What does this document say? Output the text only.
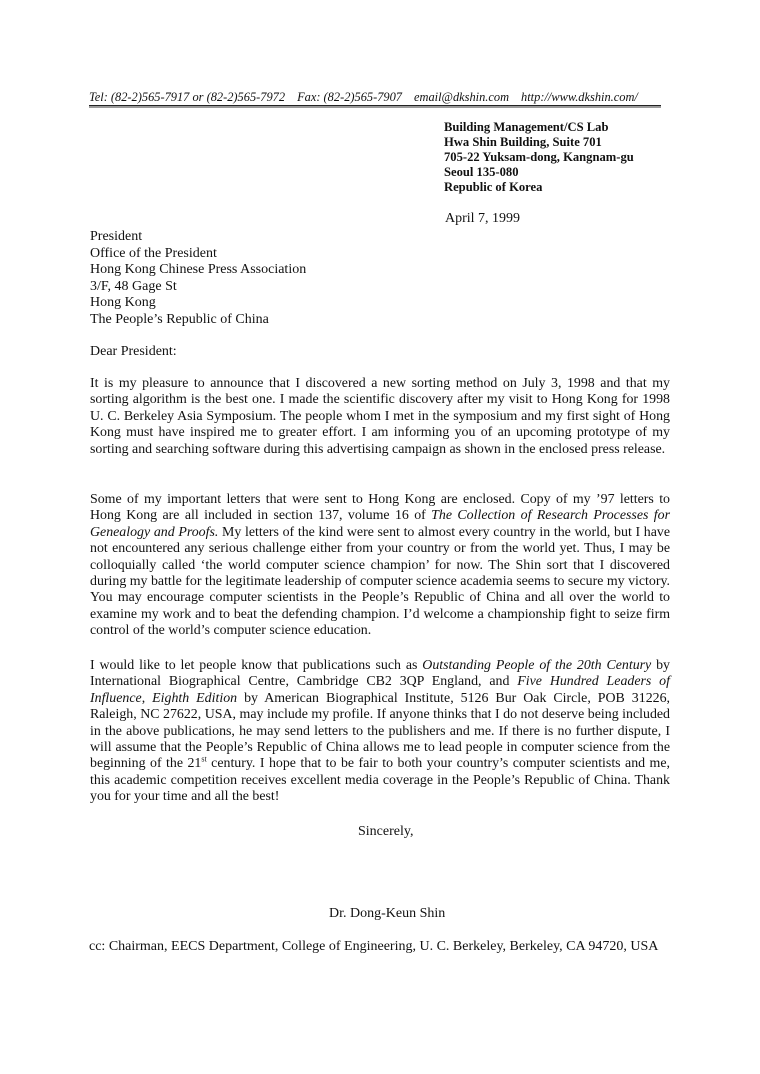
Tel: (82-2)565-7917 or (82-2)565-7972 Fax: (82-2)565-7907 email@dkshin.com http://www.dkshin.com/
Building Management/CS Lab
Hwa Shin Building, Suite 701
705-22 Yuksam-dong, Kangnam-gu
Seoul 135-080
Republic of Korea
April 7, 1999
President
Office of the President
Hong Kong Chinese Press Association
3/F, 48 Gage St
Hong Kong
The People’s Republic of China
Dear President:
It is my pleasure to announce that I discovered a new sorting method on July 3, 1998 and that my sorting algorithm is the best one. I made the scientific discovery after my visit to Hong Kong for 1998 U. C. Berkeley Asia Symposium. The people whom I met in the symposium and my first sight of Hong Kong must have inspired me to greater effort. I am informing you of an upcoming prototype of my sorting and searching software during this advertising campaign as shown in the enclosed press release.
Some of my important letters that were sent to Hong Kong are enclosed. Copy of my ’97 letters to Hong Kong are all included in section 137, volume 16 of The Collection of Research Processes for Genealogy and Proofs. My letters of the kind were sent to almost every country in the world, but I have not encountered any serious challenge either from your country or from the world yet. Thus, I may be colloquially called ‘the world computer science champion’ for now. The Shin sort that I discovered during my battle for the legitimate leadership of computer science academia seems to secure my victory. You may encourage computer scientists in the People’s Republic of China and all over the world to examine my work and to beat the defending champion. I’d welcome a championship fight to seize firm control of the world’s computer science education.
I would like to let people know that publications such as Outstanding People of the 20th Century by International Biographical Centre, Cambridge CB2 3QP England, and Five Hundred Leaders of Influence, Eighth Edition by American Biographical Institute, 5126 Bur Oak Circle, POB 31226, Raleigh, NC 27622, USA, may include my profile. If anyone thinks that I do not deserve being included in the above publications, he may send letters to the publishers and me. If there is no further dispute, I will assume that the People’s Republic of China allows me to lead people in computer science from the beginning of the 21st century. I hope that to be fair to both your country’s computer scientists and me, this academic competition receives excellent media coverage in the People’s Republic of China. Thank you for your time and all the best!
Sincerely,
Dr. Dong-Keun Shin
cc: Chairman, EECS Department, College of Engineering, U. C. Berkeley, Berkeley, CA 94720, USA
